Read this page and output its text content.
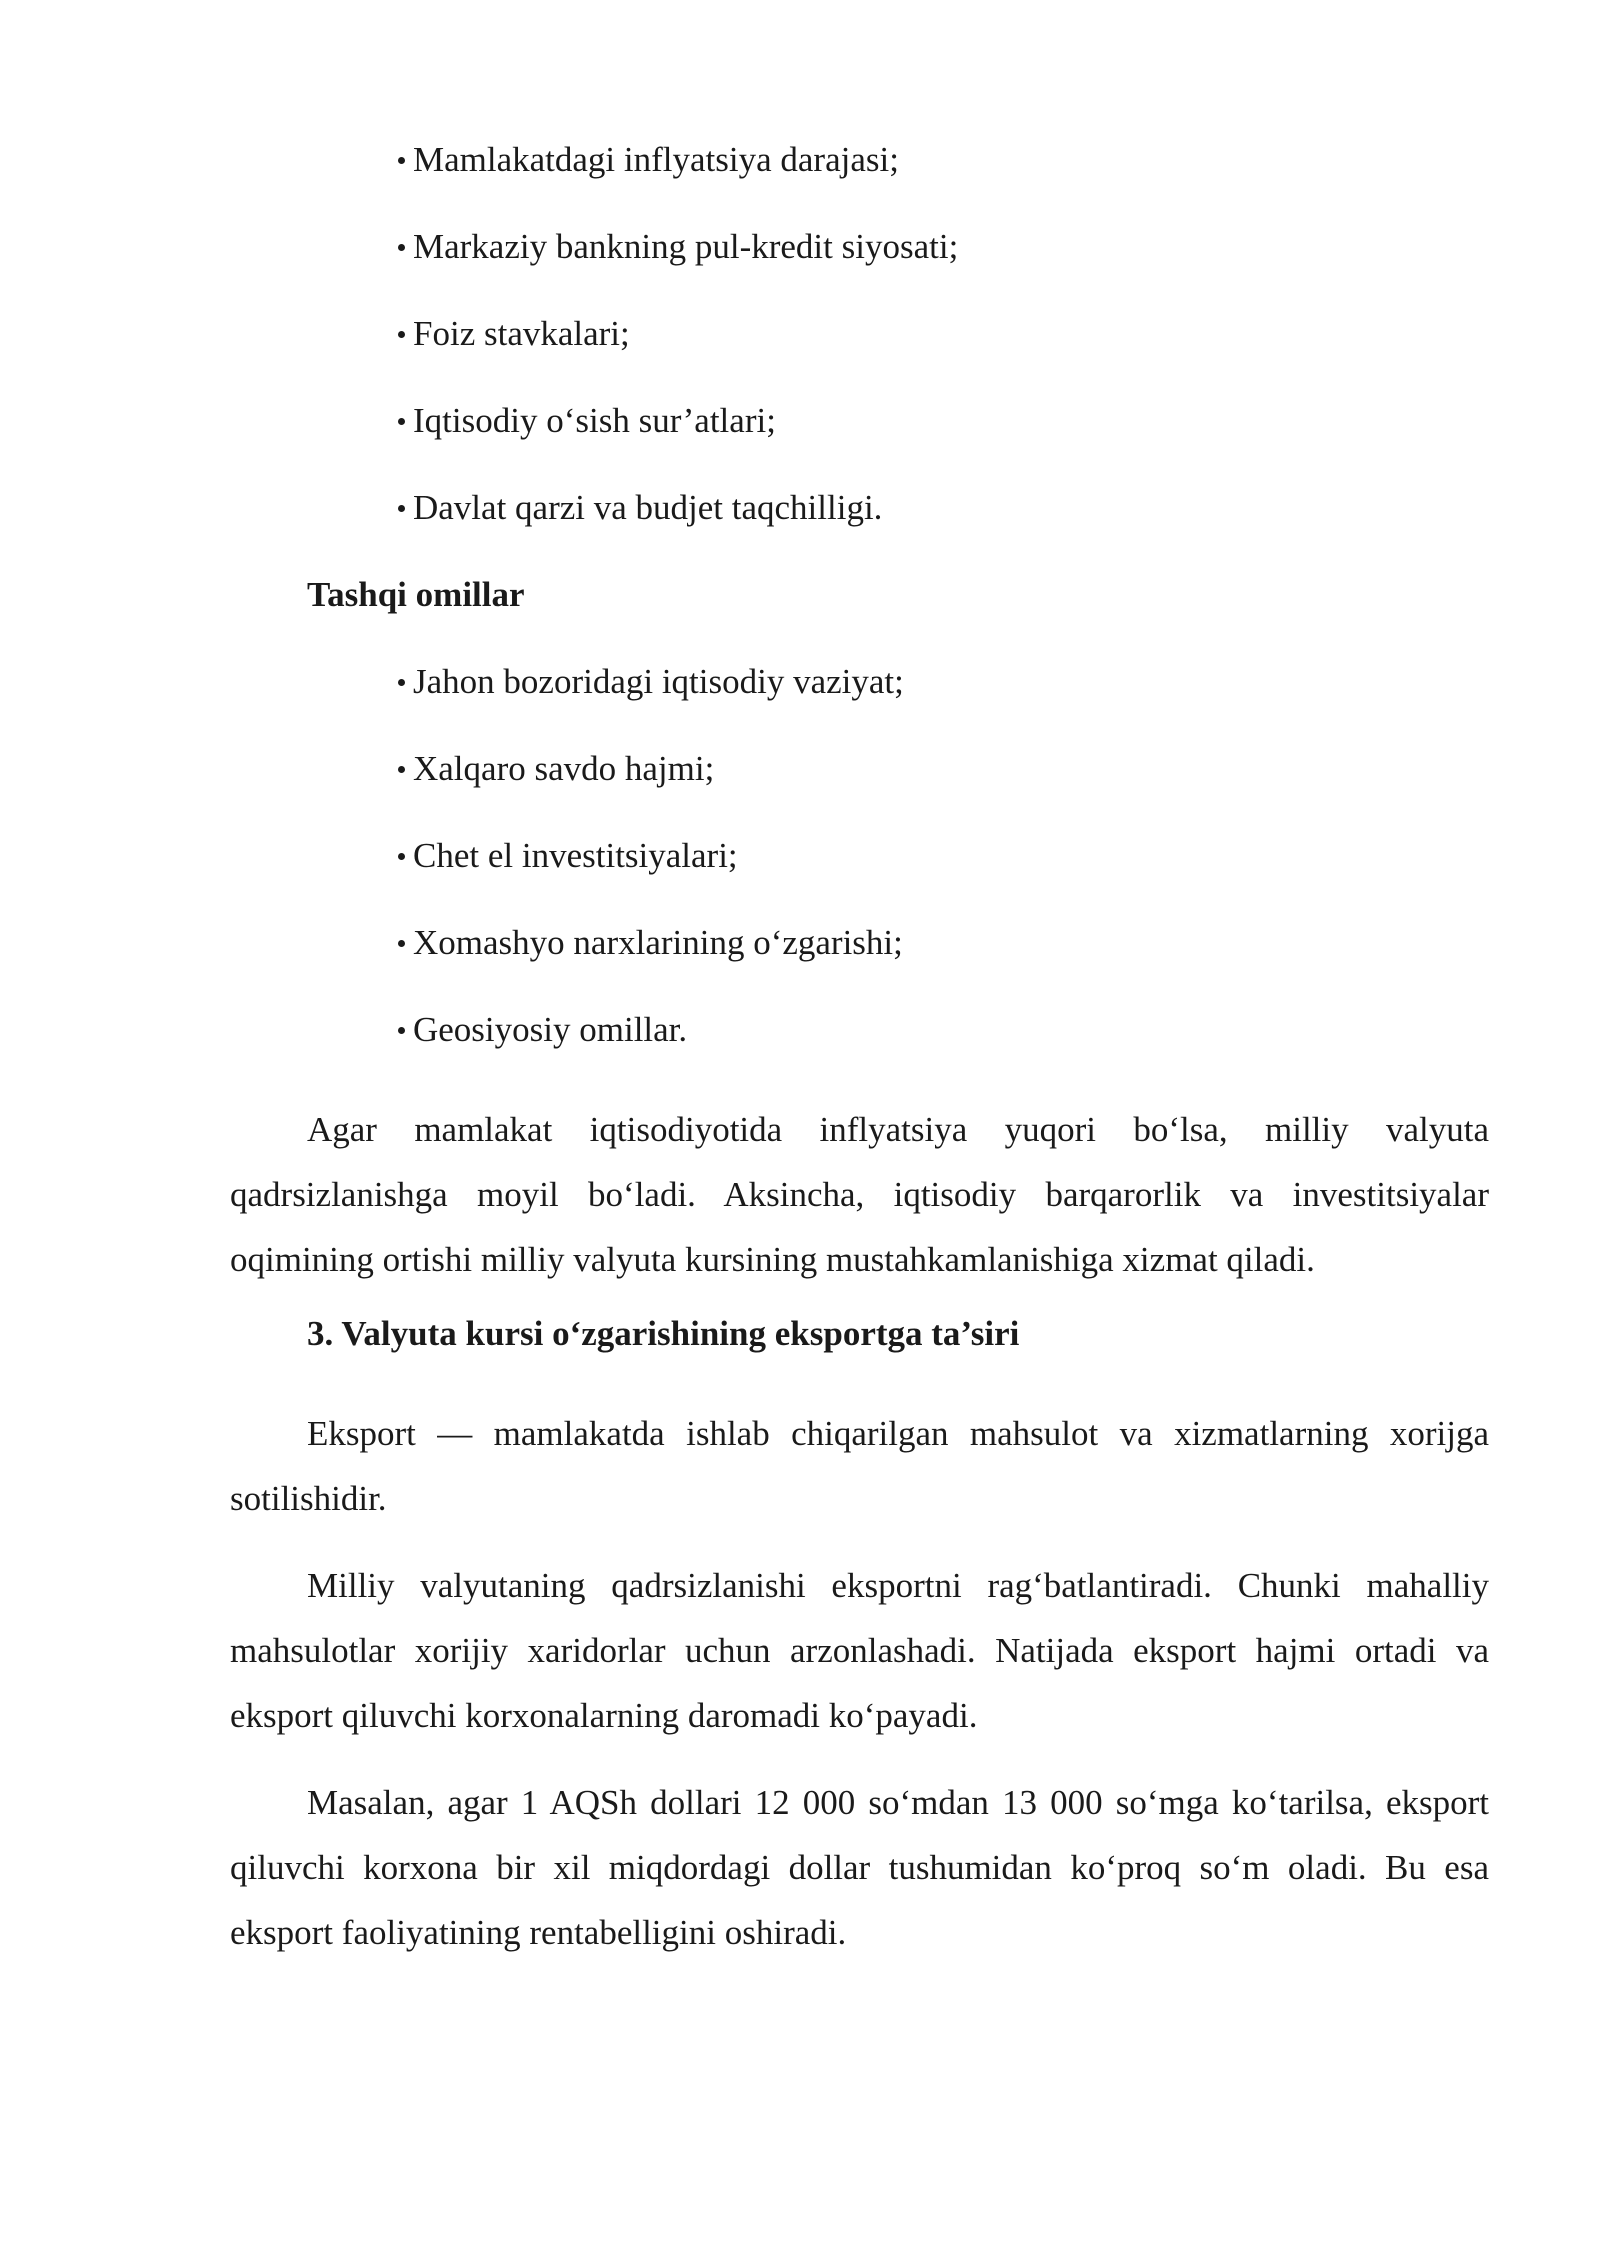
Mamlakatdagi inflyatsiya darajasi;
Markaziy bankning pul-kredit siyosati;
Foiz stavkalari;
Iqtisodiy o‘sish sur’atlari;
Davlat qarzi va budjet taqchilligi.
Tashqi omillar
Jahon bozoridagi iqtisodiy vaziyat;
Xalqaro savdo hajmi;
Chet el investitsiyalari;
Xomashyo narxlarining o‘zgarishi;
Geosiyosiy omillar.

Agar mamlakat iqtisodiyotida inflyatsiya yuqori bo‘lsa, milliy valyuta qadrsizlanishga moyil bo‘ladi. Aksincha, iqtisodiy barqarorlik va investitsiyalar oqimining ortishi milliy valyuta kursining mustahkamlanishiga xizmat qiladi.

3. Valyuta kursi o‘zgarishining eksportga ta’siri

Eksport — mamlakatda ishlab chiqarilgan mahsulot va xizmatlarning xorijga sotilishidir.

Milliy valyutaning qadrsizlanishi eksportni rag‘batlantiradi. Chunki mahalliy mahsulotlar xorijiy xaridorlar uchun arzonlashadi. Natijada eksport hajmi ortadi va eksport qiluvchi korxonalarning daromadi ko‘payadi.

Masalan, agar 1 AQSh dollari 12 000 so‘mdan 13 000 so‘mga ko‘tarilsa, eksport qiluvchi korxona bir xil miqdordagi dollar tushumidan ko‘proq so‘m oladi. Bu esa eksport faoliyatining rentabelligini oshiradi.
